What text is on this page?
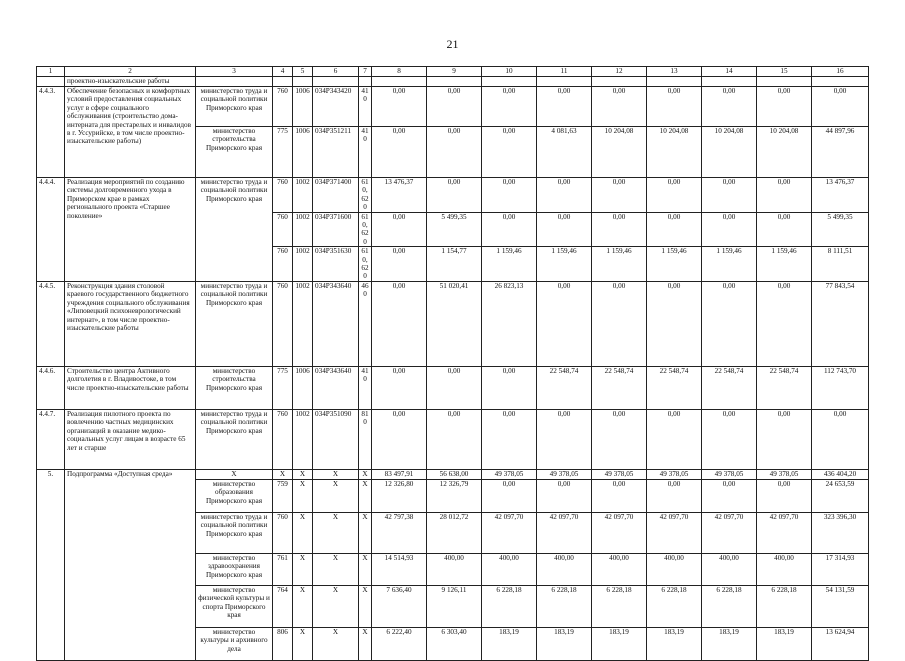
21
1	2	3	4	5	6	7	8	9	10	11	12	13	14	15	16
	проектно-изыскательские работы														
4.4.3.	Обеспечение безопасных и комфортных условий предоставления социальных услуг в сфере социального обслуживания (строительство дома-интерната для престарелых и инвалидов в г. Уссурийске, в том числе проектно-изыскательские работы)	министерство труда и социальной политики Приморского края	760	1006	034Р343420	410	0,00	0,00	0,00	0,00	0,00	0,00	0,00	0,00	0,00
		министерство строительства Приморского края	775	1006	034Р351211	410	0,00	0,00	0,00	4 081,63	10 204,08	10 204,08	10 204,08	10 204,08	44 897,96
4.4.4.	Реализация мероприятий по созданию системы долговременного ухода в Приморском крае в рамках регионального проекта «Старшее поколение»	министерство труда и социальной политики Приморского края	760	1002	034Р371400	610, 620	13 476,37	0,00	0,00	0,00	0,00	0,00	0,00	0,00	13 476,37
			760	1002	034Р371600	610, 620	0,00	5 499,35	0,00	0,00	0,00	0,00	0,00	0,00	5 499,35
			760	1002	034Р351630	610, 620	0,00	1 154,77	1 159,46	1 159,46	1 159,46	1 159,46	1 159,46	1 159,46	8 111,51
4.4.5.	Реконструкция здания столовой краевого государственного бюджетного учреждения социального обслуживания «Липовецкий психоневрологический интернат», в том числе проектно-изыскательские работы	министерство труда и социальной политики Приморского края	760	1002	034Р343640	460	0,00	51 020,41	26 823,13	0,00	0,00	0,00	0,00	0,00	77 843,54
4.4.6.	Строительство центра Активного долголетия в г. Владивостоке, в том числе проектно-изыскательские работы	министерство строительства Приморского края	775	1006	034Р343640	410	0,00	0,00	0,00	22 548,74	22 548,74	22 548,74	22 548,74	22 548,74	112 743,70
4.4.7.	Реализация пилотного проекта по вовлечению частных медицинских организаций в оказание медико-социальных услуг лицам в возрасте 65 лет и старше	министерство труда и социальной политики Приморского края	760	1002	034Р351090	810	0,00	0,00	0,00	0,00	0,00	0,00	0,00	0,00	0,00
5.	Подпрограмма «Доступная среда»	X	X	X	X	X	83 497,91	56 638,00	49 378,05	49 378,05	49 378,05	49 378,05	49 378,05	49 378,05	436 404,20
		министерство образования Приморского края	759	X	X	X	12 326,80	12 326,79	0,00	0,00	0,00	0,00	0,00	0,00	24 653,59
		министерство труда и социальной политики Приморского края	760	X	X	X	42 797,38	28 012,72	42 097,70	42 097,70	42 097,70	42 097,70	42 097,70	42 097,70	323 396,30
		министерство здравоохранения Приморского края	761	X	X	X	14 514,93	400,00	400,00	400,00	400,00	400,00	400,00	400,00	17 314,93
		министерство физической культуры и спорта Приморского края	764	X	X	X	7 636,40	9 126,11	6 228,18	6 228,18	6 228,18	6 228,18	6 228,18	6 228,18	54 131,59
		министерство культуры и архивного дела	806	X	X	X	6 222,40	6 303,40	183,19	183,19	183,19	183,19	183,19	183,19	13 624,94
